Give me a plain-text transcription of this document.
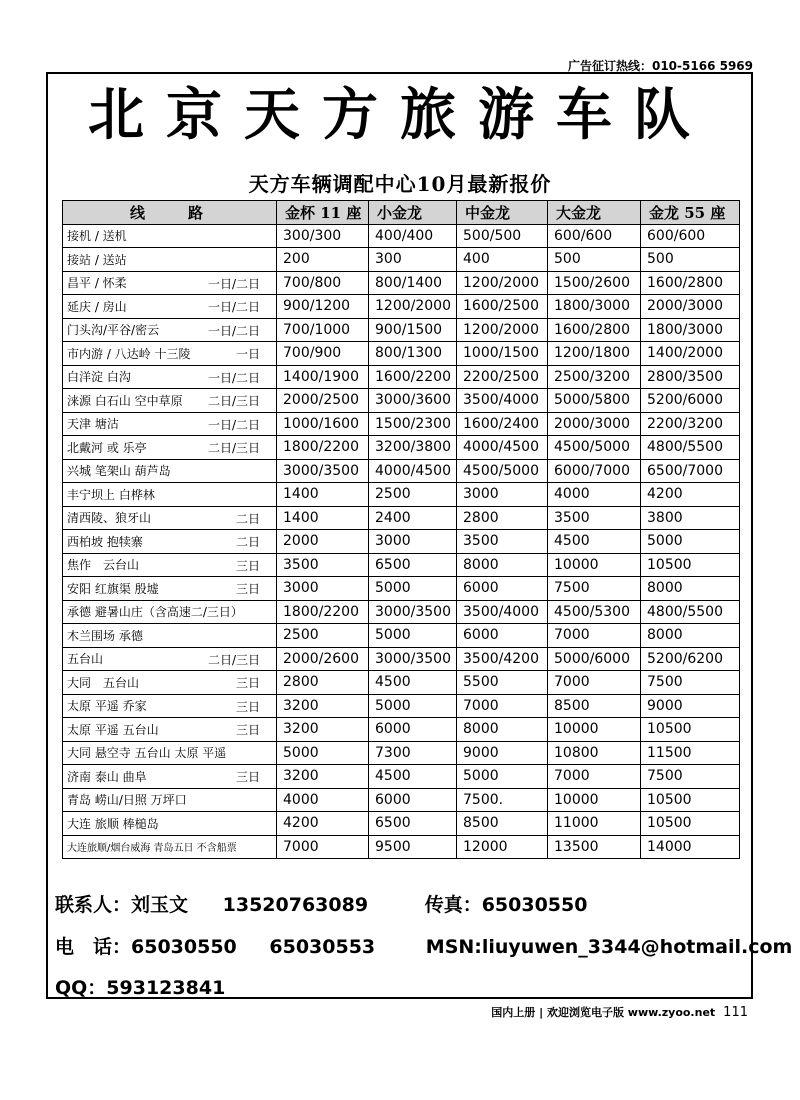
广告征订热线：010-5166 5969
北京天方旅游车队
天方车辆调配中心10月最新报价
线　路	金杯 11 座	小金龙	中金龙	大金龙	金龙 55 座
接机 / 送机	300/300	400/400	500/500	600/600	600/600
接站 / 送站	200	300	400	500	500
昌平 / 怀柔 一日/二日	700/800	800/1400	1200/2000	1500/2600	1600/2800
延庆 / 房山 一日/二日	900/1200	1200/2000	1600/2500	1800/3000	2000/3000
门头沟/平谷/密云 一日/二日	700/1000	900/1500	1200/2000	1600/2800	1800/3000
市内游 / 八达岭 十三陵 一日	700/900	800/1300	1000/1500	1200/1800	1400/2000
白洋淀 白沟 一日/二日	1400/1900	1600/2200	2200/2500	2500/3200	2800/3500
涞源 白石山 空中草原 二日/三日	2000/2500	3000/3600	3500/4000	5000/5800	5200/6000
天津 塘沽 一日/二日	1000/1600	1500/2300	1600/2400	2000/3000	2200/3200
北戴河 或 乐亭 二日/三日	1800/2200	3200/3800	4000/4500	4500/5000	4800/5500
兴城 笔架山 葫芦岛	3000/3500	4000/4500	4500/5000	6000/7000	6500/7000
丰宁坝上 白桦林	1400	2500	3000	4000	4200
清西陵、狼牙山 二日	1400	2400	2800	3500	3800
西柏坡 抱犊寨 二日	2000	3000	3500	4500	5000
焦作　云台山 三日	3500	6500	8000	10000	10500
安阳 红旗渠 殷墟 三日	3000	5000	6000	7500	8000
承德 避暑山庄（含高速二/三日）	1800/2200	3000/3500	3500/4000	4500/5300	4800/5500
木兰围场 承德	2500	5000	6000	7000	8000
五台山 二日/三日	2000/2600	3000/3500	3500/4200	5000/6000	5200/6200
大同　五台山 三日	2800	4500	5500	7000	7500
太原 平遥 乔家 三日	3200	5000	7000	8500	9000
太原 平遥 五台山 三日	3200	6000	8000	10000	10500
大同 悬空寺 五台山 太原 平遥	5000	7300	9000	10800	11500
济南 泰山 曲阜 三日	3200	4500	5000	7000	7500
青岛 崂山/日照 万坪口	4000	6000	7500.	10000	10500
大连 旅顺 棒槌岛	4200	6500	8500	11000	10500
大连旅顺/烟台威海 青岛五日 不含船票	7000	9500	12000	13500	14000
联系人：刘玉文 13520763089	传真：65030550
电　话：65030550 65030553	MSN:liuyuwen_3344@hotmail.com
QQ：593123841
国内上册 | 欢迎浏览电子版 www.zyoo.net 111
